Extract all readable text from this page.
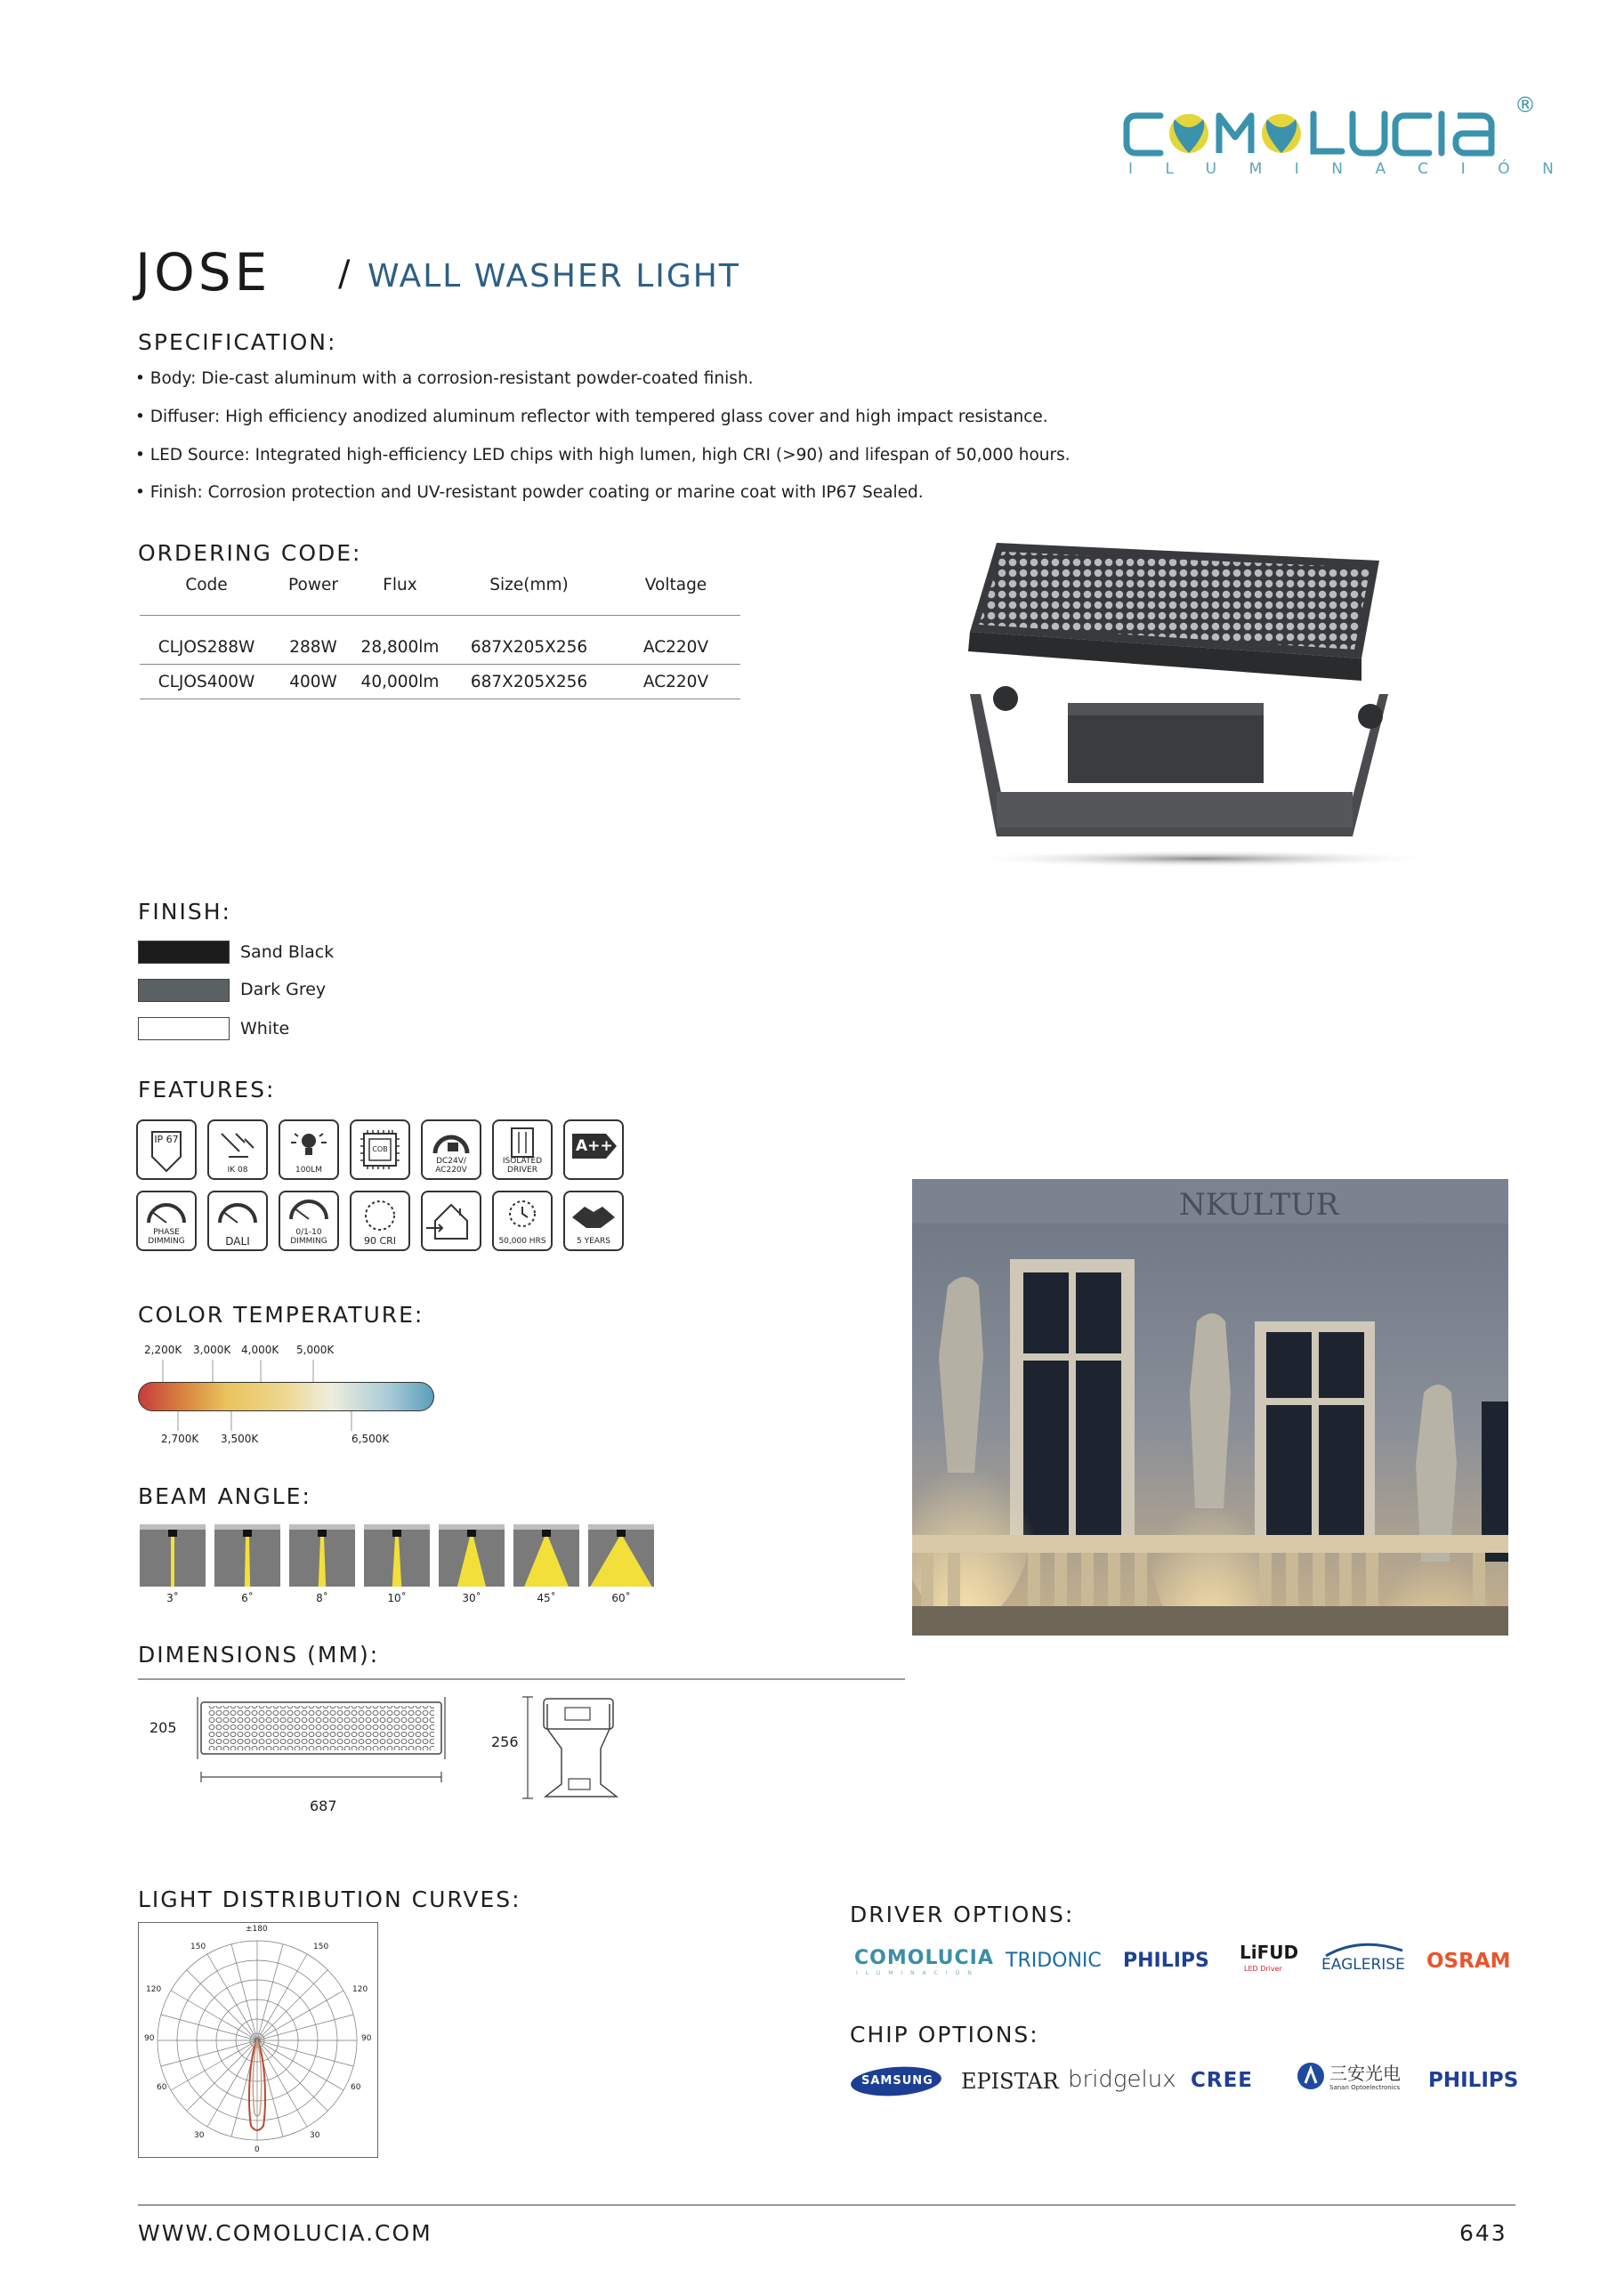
®
ILUMINACIÓN
JOSE / WALL WASHER LIGHT
SPECIFICATION:
• Body: Die-cast aluminum with a corrosion-resistant powder-coated finish.
• Diffuser: High efficiency anodized aluminum reflector with tempered glass cover and high impact resistance.
• LED Source: Integrated high-efficiency LED chips with high lumen, high CRI (>90) and lifespan of 50,000 hours.
• Finish: Corrosion protection and UV-resistant powder coating or marine coat with IP67 Sealed.
ORDERING CODE:
Code	Power	Flux	Size(mm)	Voltage

CLJOS288W	288W	28,800lm	687X205X256	AC220V
CLJOS400W	400W	40,000lm	687X205X256	AC220V
FINISH:
Sand Black
Dark Grey
White
FEATURES:
IP 67
IK 08	100LM
COB
DC24V/ AC220V
ISOLATED DRIVER
A++
PHASE DIMMING	DALI
0/1-10 DIMMING	90 CRI	50,000 HRS	5 YEARS
NKULTUR
COLOR TEMPERATURE:
2,200K 3,000K 4,000K 5,000K
2,700K 3,500K	6,500K
BEAM ANGLE:
3˚	6˚	8˚	10˚	30˚	45˚	60˚
DIMENSIONS (MM):
205
687
256
LIGHT DISTRIBUTION CURVES:
±180
150	150
120	120
90	90
60	60
30	30
0
DRIVER OPTIONS:
COMOLUCIA
ILUMINACIÓN
TRIDONIC PHILIPS LiFUD
LED Driver	EAGLERISE OSRAM
CHIP OPTIONS:
SAMSUNG EPISTAR bridgelux CREE	三安光电
Sanan Optoelectronics PHILIPS
WWW.COMOLUCIA.COM	643
